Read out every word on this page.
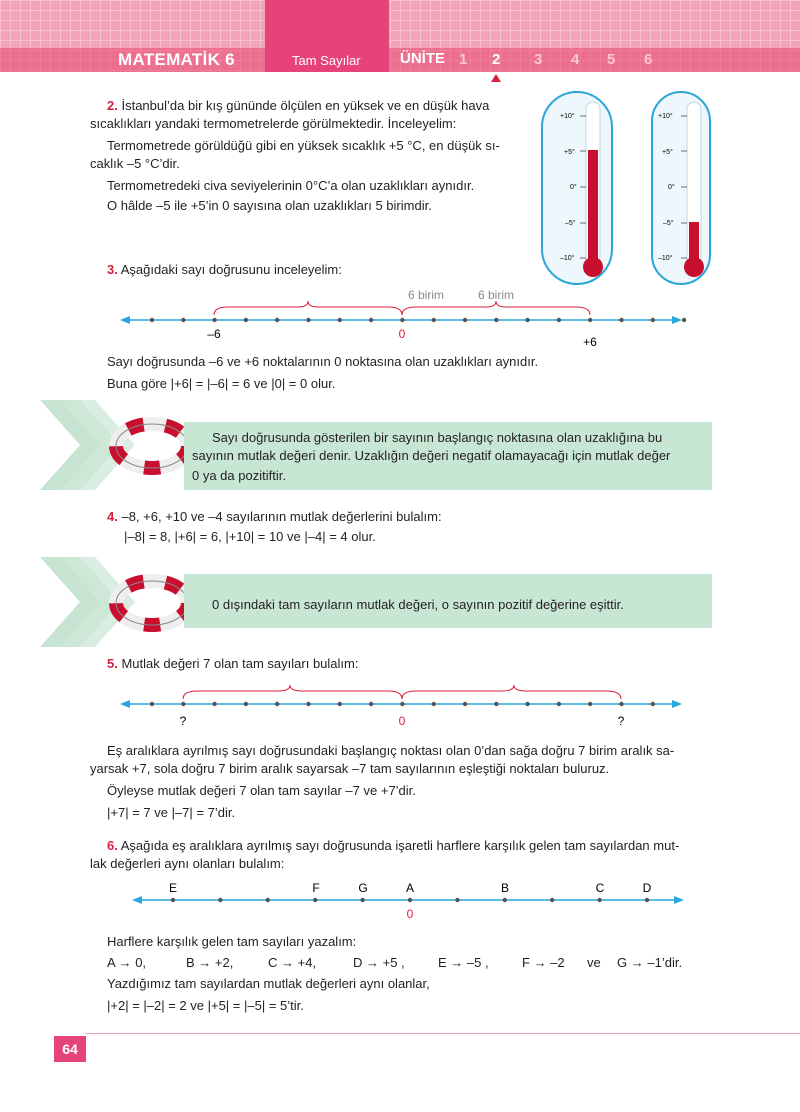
MATEMATİK 6	Tam Sayılar	ÜNİTE 1 2 3 4 5 6
2. İstanbul’da bir kış gününde ölçülen en yüksek ve en düşük hava
sıcaklıkları yandaki termometrelerde görülmektedir. İnceleyelim:
Termometrede görüldüğü gibi en yüksek sıcaklık +5 °C, en düşük sı-
caklık –5 °C’dir.
Termometredeki civa seviyelerinin 0°C’a olan uzaklıkları aynıdır.
O hâlde –5 ile +5’in 0 sayısına olan uzaklıkları 5 birimdir.
+10°
+5°
0°
–5°
–10°
+10°
+5°
0°
–5°
–10°
3. Aşağıdaki sayı doğrusunu inceleyelim:
6 birim	6 birim
–6	0
+6
Sayı doğrusunda –6 ve +6 noktalarının 0 noktasına olan uzaklıkları aynıdır.
Buna göre |+6| = |–6| = 6 ve |0| = 0 olur.
Sayı doğrusunda gösterilen bir sayının başlangıç noktasına olan uzaklığına bu
sayının mutlak değeri denir. Uzaklığın değeri negatif olamayacağı için mutlak değer
0 ya da pozitiftir.
4. –8, +6, +10 ve –4 sayılarının mutlak değerlerini bulalım:
|–8| = 8, |+6| = 6, |+10| = 10 ve |–4| = 4 olur.
0 dışındaki tam sayıların mutlak değeri, o sayının pozitif değerine eşittir.
5. Mutlak değeri 7 olan tam sayıları bulalım:
?	0	?
Eş aralıklara ayrılmış sayı doğrusundaki başlangıç noktası olan 0’dan sağa doğru 7 birim aralık sa-
yarsak +7, sola doğru 7 birim aralık sayarsak –7 tam sayılarının eşleştiği noktaları buluruz.
Öyleyse mutlak değeri 7 olan tam sayılar –7 ve +7’dir.
|+7| = 7 ve |–7| = 7’dir.
6. Aşağıda eş aralıklara ayrılmış sayı doğrusunda işaretli harflere karşılık gelen tam sayılardan mut-
lak değerleri aynı olanları bulalım:
E	F	G	A	B	C	D
0
Harflere karşılık gelen tam sayıları yazalım:
A → 0,	B → +2,	C → +4,	D → +5 ,	E → –5 ,	F → –2 ve G → –1’dir.
Yazdığımız tam sayılardan mutlak değerleri aynı olanlar,
|+2| = |–2| = 2 ve |+5| = |–5| = 5’tir.
64
